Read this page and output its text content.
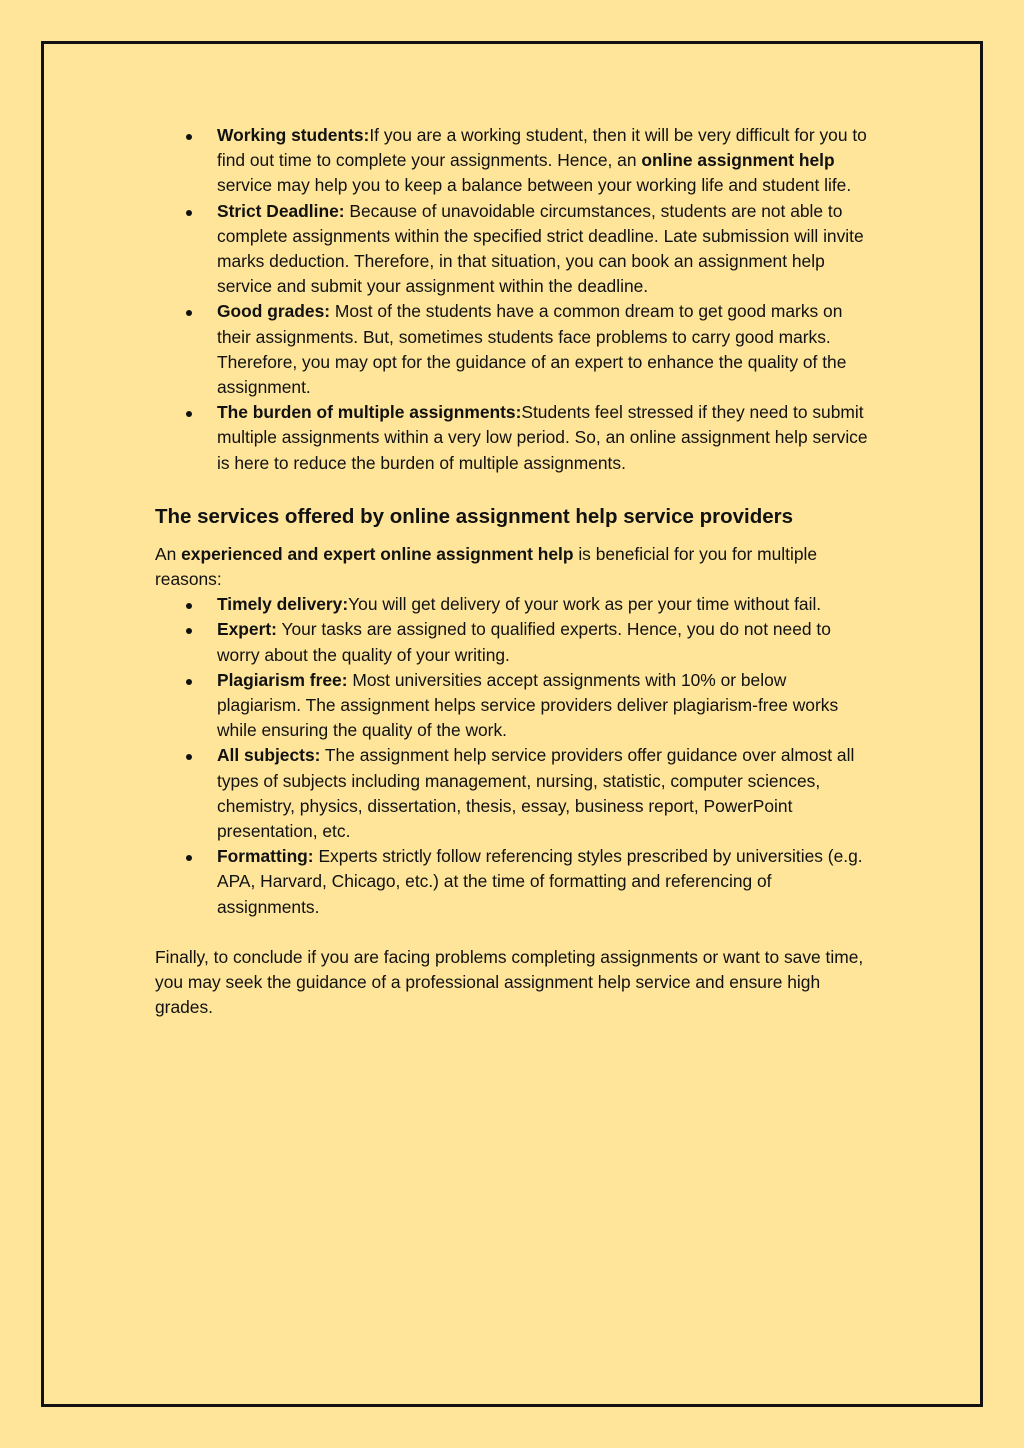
Working students:If you are a working student, then it will be very difficult for you to find out time to complete your assignments. Hence, an online assignment help service may help you to keep a balance between your working life and student life.
Strict Deadline: Because of unavoidable circumstances, students are not able to complete assignments within the specified strict deadline. Late submission will invite marks deduction. Therefore, in that situation, you can book an assignment help service and submit your assignment within the deadline.
Good grades: Most of the students have a common dream to get good marks on their assignments. But, sometimes students face problems to carry good marks. Therefore, you may opt for the guidance of an expert to enhance the quality of the assignment.
The burden of multiple assignments:Students feel stressed if they need to submit multiple assignments within a very low period. So, an online assignment help service is here to reduce the burden of multiple assignments.
The services offered by online assignment help service providers

An experienced and expert online assignment help is beneficial for you for multiple reasons:

Timely delivery:You will get delivery of your work as per your time without fail.
Expert: Your tasks are assigned to qualified experts. Hence, you do not need to worry about the quality of your writing.
Plagiarism free: Most universities accept assignments with 10% or below plagiarism. The assignment helps service providers deliver plagiarism-free works while ensuring the quality of the work.
All subjects: The assignment help service providers offer guidance over almost all types of subjects including management, nursing, statistic, computer sciences, chemistry, physics, dissertation, thesis, essay, business report, PowerPoint presentation, etc.
Formatting: Experts strictly follow referencing styles prescribed by universities (e.g. APA, Harvard, Chicago, etc.) at the time of formatting and referencing of assignments.

Finally, to conclude if you are facing problems completing assignments or want to save time, you may seek the guidance of a professional assignment help service and ensure high grades.
